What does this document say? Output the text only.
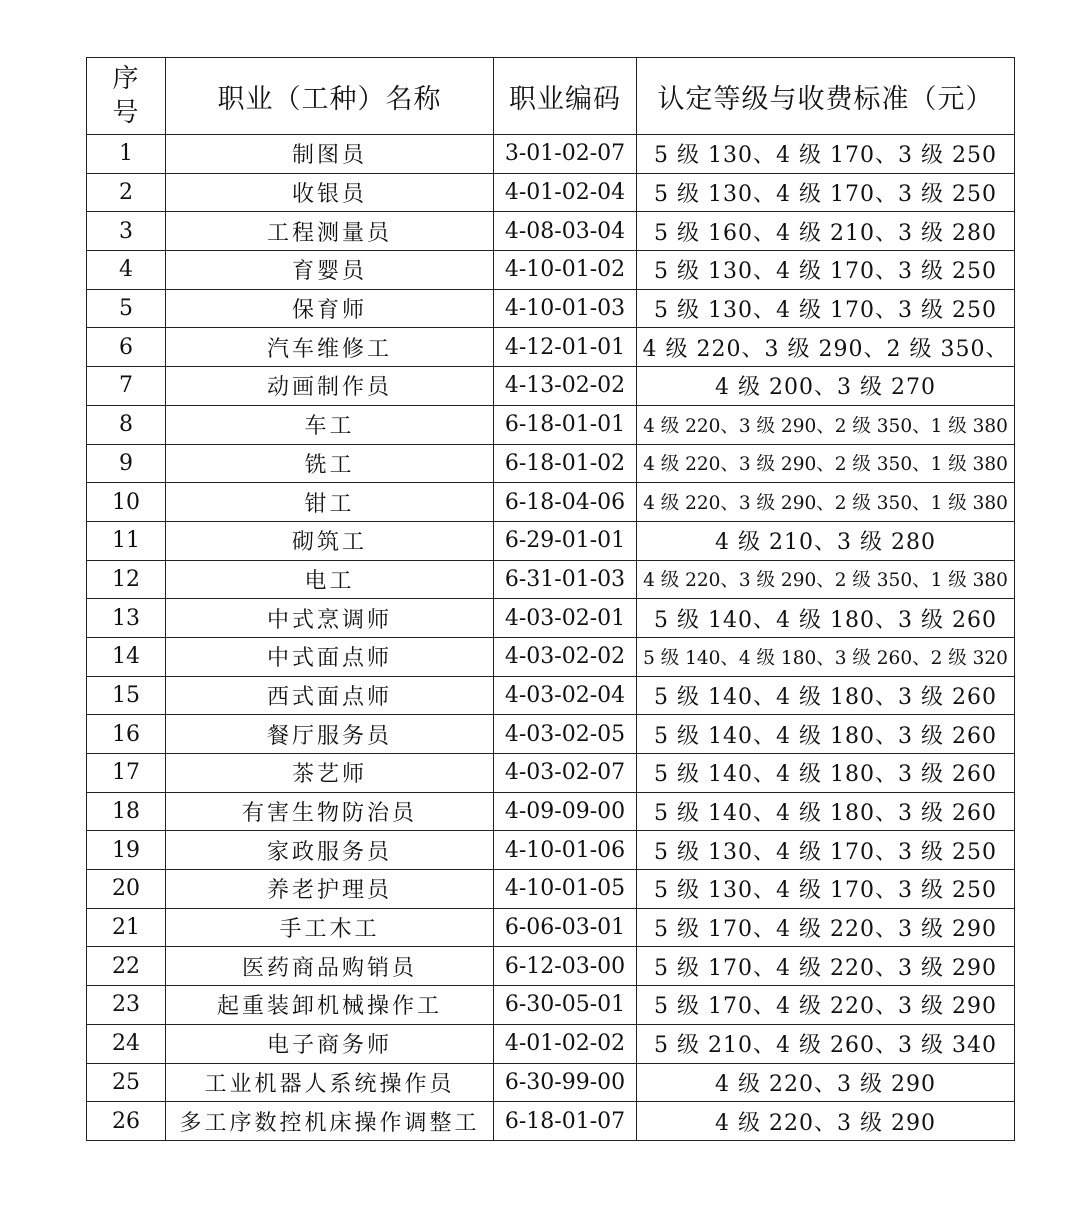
序号	职业（工种）名称	职业编码	认定等级与收费标准（元）
1	制图员	3-01-02-07	5 级 130、4 级 170、3 级 250
2	收银员	4-01-02-04	5 级 130、4 级 170、3 级 250
3	工程测量员	4-08-03-04	5 级 160、4 级 210、3 级 280
4	育婴员	4-10-01-02	5 级 130、4 级 170、3 级 250
5	保育师	4-10-01-03	5 级 130、4 级 170、3 级 250
6	汽车维修工	4-12-01-01	4 级 220、3 级 290、2 级 350、
7	动画制作员	4-13-02-02	4 级 200、3 级 270
8	车工	6-18-01-01	4 级 220、3 级 290、2 级 350、1 级 380
9	铣工	6-18-01-02	4 级 220、3 级 290、2 级 350、1 级 380
10	钳工	6-18-04-06	4 级 220、3 级 290、2 级 350、1 级 380
11	砌筑工	6-29-01-01	4 级 210、3 级 280
12	电工	6-31-01-03	4 级 220、3 级 290、2 级 350、1 级 380
13	中式烹调师	4-03-02-01	5 级 140、4 级 180、3 级 260
14	中式面点师	4-03-02-02	5 级 140、4 级 180、3 级 260、2 级 320
15	西式面点师	4-03-02-04	5 级 140、4 级 180、3 级 260
16	餐厅服务员	4-03-02-05	5 级 140、4 级 180、3 级 260
17	茶艺师	4-03-02-07	5 级 140、4 级 180、3 级 260
18	有害生物防治员	4-09-09-00	5 级 140、4 级 180、3 级 260
19	家政服务员	4-10-01-06	5 级 130、4 级 170、3 级 250
20	养老护理员	4-10-01-05	5 级 130、4 级 170、3 级 250
21	手工木工	6-06-03-01	5 级 170、4 级 220、3 级 290
22	医药商品购销员	6-12-03-00	5 级 170、4 级 220、3 级 290
23	起重装卸机械操作工	6-30-05-01	5 级 170、4 级 220、3 级 290
24	电子商务师	4-01-02-02	5 级 210、4 级 260、3 级 340
25	工业机器人系统操作员	6-30-99-00	4 级 220、3 级 290
26	多工序数控机床操作调整工	6-18-01-07	4 级 220、3 级 290
